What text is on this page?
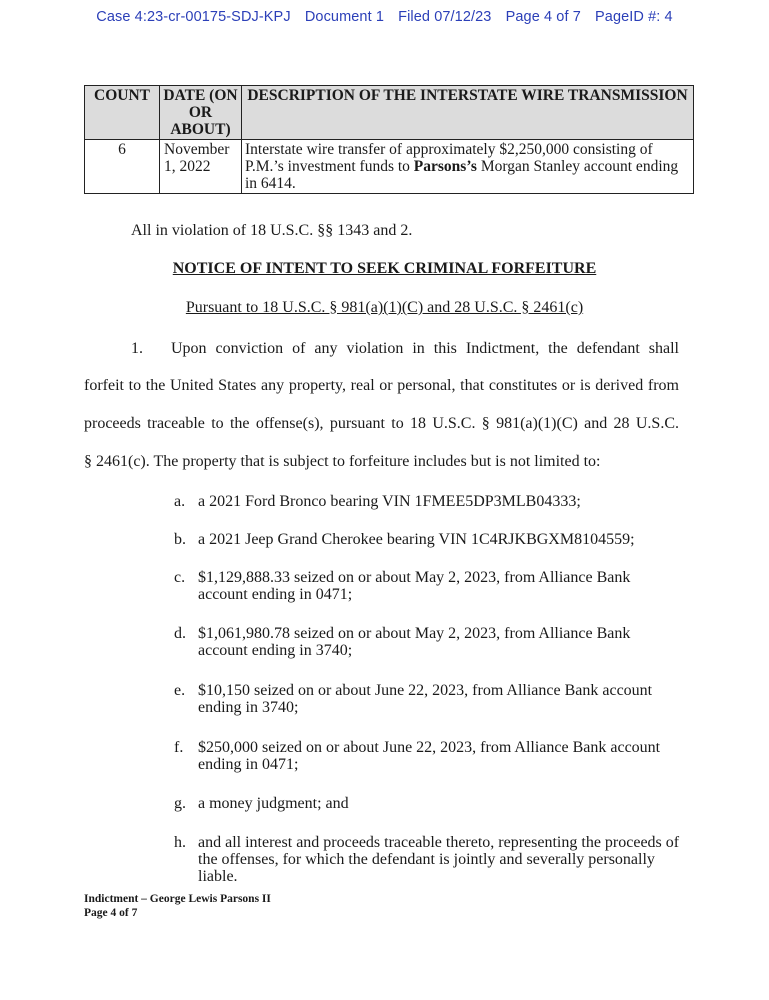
Case 4:23-cr-00175-SDJ-KPJ Document 1 Filed 07/12/23 Page 4 of 7 PageID #: 4
COUNT	DATE (ON OR ABOUT)	DESCRIPTION OF THE INTERSTATE WIRE TRANSMISSION
6	November 1, 2022	Interstate wire transfer of approximately $2,250,000 consisting of P.M.’s investment funds to Parsons’s Morgan Stanley account ending in 6414.
All in violation of 18 U.S.C. §§ 1343 and 2.
NOTICE OF INTENT TO SEEK CRIMINAL FORFEITURE
Pursuant to 18 U.S.C. § 981(a)(1)(C) and 28 U.S.C. § 2461(c)
1. Upon conviction of any violation in this Indictment, the defendant shall
forfeit to the United States any property, real or personal, that constitutes or is derived from
proceeds traceable to the offense(s), pursuant to 18 U.S.C. § 981(a)(1)(C) and 28 U.S.C.
§ 2461(c). The property that is subject to forfeiture includes but is not limited to:
a. a 2021 Ford Bronco bearing VIN 1FMEE5DP3MLB04333;
b. a 2021 Jeep Grand Cherokee bearing VIN 1C4RJKBGXM8104559;
c. $1,129,888.33 seized on or about May 2, 2023, from Alliance Bank account ending in 0471;
d. $1,061,980.78 seized on or about May 2, 2023, from Alliance Bank account ending in 3740;
e. $10,150 seized on or about June 22, 2023, from Alliance Bank account ending in 3740;
f. $250,000 seized on or about June 22, 2023, from Alliance Bank account ending in 0471;
g. a money judgment; and
h. and all interest and proceeds traceable thereto, representing the proceeds of the offenses, for which the defendant is jointly and severally personally liable.
Indictment – George Lewis Parsons II
Page 4 of 7
